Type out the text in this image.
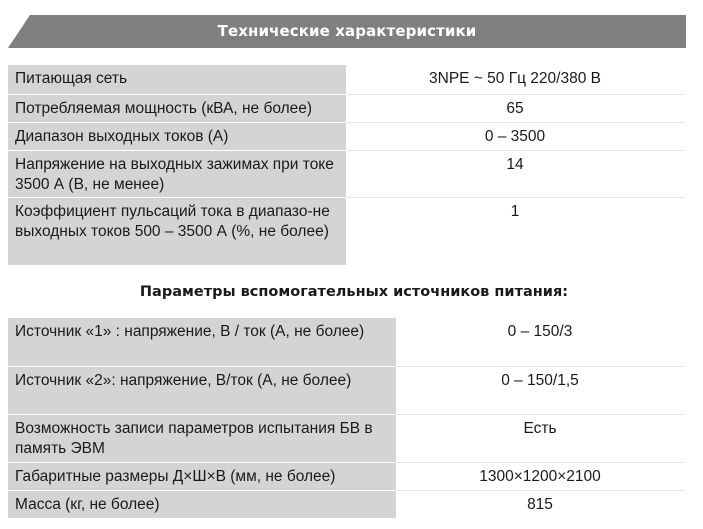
Технические характеристики
Питающая сеть	3NPE ~ 50 Гц 220/380 В
Потребляемая мощность (кВА, не более)	65
Диапазон выходных токов (А)	0 – 3500
Напряжение на выходных зажимах при токе 3500 А (В, не менее)	14
Коэффициент пульсаций тока в диапазо-не выходных токов 500 – 3500 А (%, не более)	1
Параметры вспомогательных источников питания:
Источник «1» : напряжение, В / ток (А, не более)	0 – 150/3
Источник «2»: напряжение, В/ток (А, не более)	0 – 150/1,5
Возможность записи параметров испытания БВ в память ЭВМ	Есть
Габаритные размеры Д×Ш×В (мм, не более)	1300×1200×2100
Масса (кг, не более)	815
